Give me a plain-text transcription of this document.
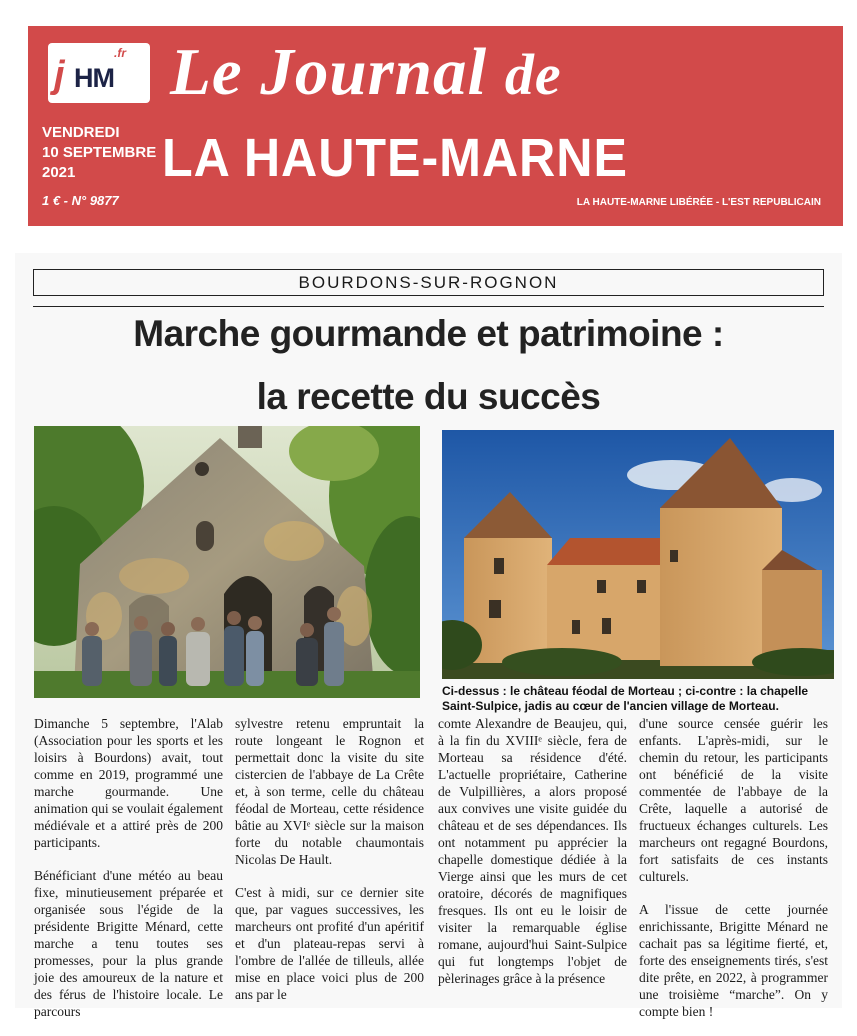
j HM
.fr
VENDREDI
10 SEPTEMBRE
2021
1 € - N° 9877
Le Journal de
LA HAUTE-MARNE
LA HAUTE-MARNE LIBÉRÉE - L'EST REPUBLICAIN
BOURDONS-SUR-ROGNON
Marche gourmande et patrimoine :
la recette du succès
Ci-dessus : le château féodal de Morteau ; ci-contre : la chapelle Saint-Sulpice, jadis au cœur de l'ancien village de Morteau.

Dimanche 5 septembre, l'Alab (Association pour les sports et les loisirs à Bourdons) avait, tout comme en 2019, programmé une marche gourmande. Une animation qui se voulait également médiévale et a attiré près de 200 participants.

Bénéficiant d'une météo au beau fixe, minutieusement préparée et organisée sous l'égide de la présidente Brigitte Ménard, cette marche a tenu toutes ses promesses, pour la plus grande joie des amoureux de la nature et des férus de l'histoire locale. Le parcours

sylvestre retenu empruntait la route longeant le Rognon et permettait donc la visite du site cistercien de l'abbaye de La Crête et, à son terme, celle du château féodal de Morteau, cette résidence bâtie au XVIᵉ siècle sur la maison forte du notable chaumontais Nicolas De Hault.

C'est à midi, sur ce dernier site que, par vagues successives, les marcheurs ont profité d'un apéritif et d'un plateau-repas servi à l'ombre de l'allée de tilleuls, allée mise en place voici plus de 200 ans par le

comte Alexandre de Beaujeu, qui, à la fin du XVIIIᵉ siècle, fera de Morteau sa résidence d'été. L'actuelle propriétaire, Catherine de Vulpillières, a alors proposé aux convives une visite guidée du château et de ses dépendances. Ils ont notamment pu apprécier la chapelle domestique dédiée à la Vierge ainsi que les murs de cet oratoire, décorés de magnifiques fresques. Ils ont eu le loisir de visiter la remarquable église romane, aujourd'hui Saint-Sulpice qui fut longtemps l'objet de pèlerinages grâce à la présence

d'une source censée guérir les enfants. L'après-midi, sur le chemin du retour, les participants ont bénéficié de la visite commentée de l'abbaye de la Crête, laquelle a autorisé de fructueux échanges culturels. Les marcheurs ont regagné Bourdons, fort satisfaits de ces instants culturels.

A l'issue de cette journée enrichissante, Brigitte Ménard ne cachait pas sa légitime fierté, et, forte des enseignements tirés, s'est dite prête, en 2022, à programmer une troisième “marche”. On y compte bien !
